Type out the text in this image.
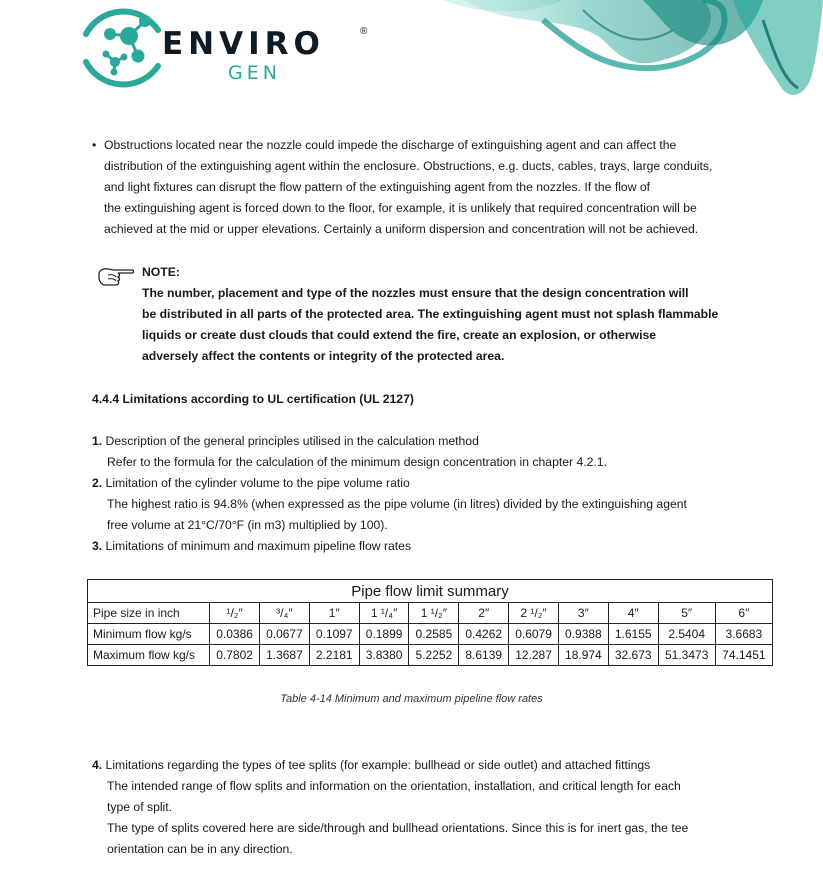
ENVIRO	®
GEN
• Obstructions located near the nozzle could impede the discharge of extinguishing agent and can affect the
distribution of the extinguishing agent within the enclosure. Obstructions, e.g. ducts, cables, trays, large conduits,
and light fixtures can disrupt the flow pattern of the extinguishing agent from the nozzles. If the flow of
the extinguishing agent is forced down to the floor, for example, it is unlikely that required concentration will be
achieved at the mid or upper elevations. Certainly a uniform dispersion and concentration will not be achieved.
NOTE:
The number, placement and type of the nozzles must ensure that the design concentration will
be distributed in all parts of the protected area. The extinguishing agent must not splash flammable
liquids or create dust clouds that could extend the fire, create an explosion, or otherwise
adversely affect the contents or integrity of the protected area.
4.4.4 Limitations according to UL certification (UL 2127)
1. Description of the general principles utilised in the calculation method
Refer to the formula for the calculation of the minimum design concentration in chapter 4.2.1.
2. Limitation of the cylinder volume to the pipe volume ratio
The highest ratio is 94.8% (when expressed as the pipe volume (in litres) divided by the extinguishing agent
free volume at 21°C/70°F (in m3) multiplied by 100).
3. Limitations of minimum and maximum pipeline flow rates
Pipe flow limit summary											
Pipe size in inch	¹/₂″	³/₄″	1″	1 ¹/₄″	1 ¹/₂″	2″	2 ¹/₂″	3″	4″	5″	6″
Minimum flow kg/s	0.0386	0.0677	0.1097	0.1899	0.2585	0.4262	0.6079	0.9388	1.6155	2.5404	3.6683
Maximum flow kg/s	0.7802	1.3687	2.2181	3.8380	5.2252	8.6139	12.287	18.974	32.673	51.3473	74.1451
Table 4-14 Minimum and maximum pipeline flow rates
4. Limitations regarding the types of tee splits (for example: bullhead or side outlet) and attached fittings
The intended range of flow splits and information on the orientation, installation, and critical length for each
type of split.
The type of splits covered here are side/through and bullhead orientations. Since this is for inert gas, the tee
orientation can be in any direction.
